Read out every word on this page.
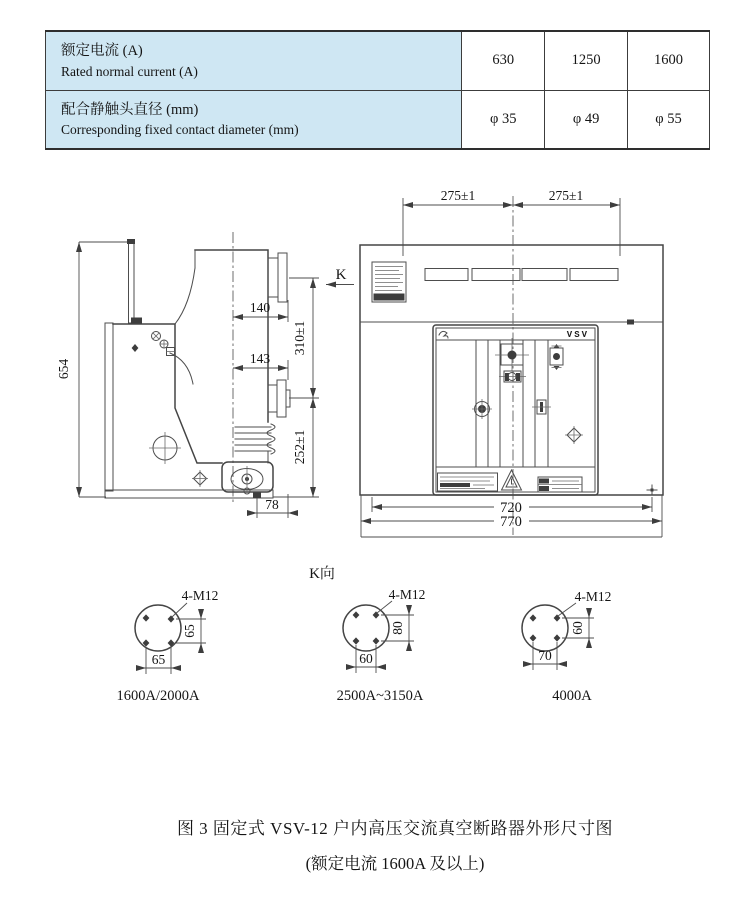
额定电流 (A)
Rated normal current (A)	630	1250	1600

配合静触头直径 (mm)
Corresponding fixed contact diameter (mm)	φ 35	φ 49	φ 55
654
140
143
310±1
252±1
78
K
275±1	275±1
VSV
720
770
K向
4-M12
65
65
1600A/2000A
4-M12
80
60
2500A~3150A
4-M12
60
70
4000A
图 3 固定式 VSV-12 户内高压交流真空断路器外形尺寸图
(额定电流 1600A 及以上)
